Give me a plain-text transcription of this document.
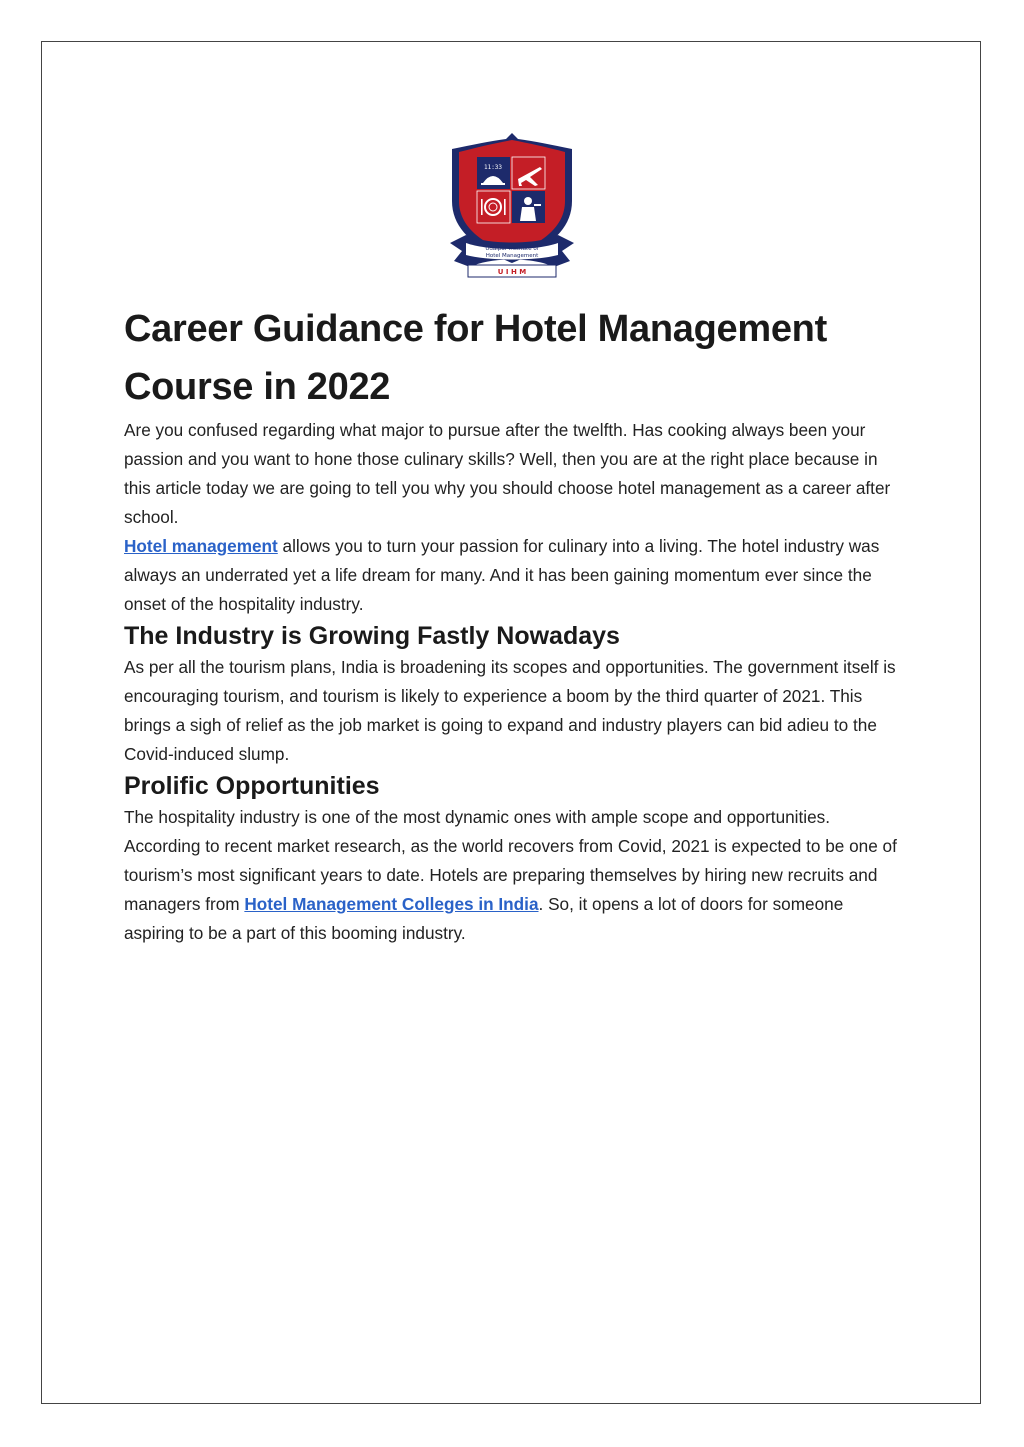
11:33
Udaipur Institute of
Hotel Management
U I H M
Career Guidance for Hotel Management
Course in 2022

Are you confused regarding what major to pursue after the twelfth. Has cooking always been your passion and you want to hone those culinary skills? Well, then you are at the right place because in this article today we are going to tell you why you should choose hotel management as a career after school.

Hotel management allows you to turn your passion for culinary into a living. The hotel industry was always an underrated yet a life dream for many. And it has been gaining momentum ever since the onset of the hospitality industry.

The Industry is Growing Fastly Nowadays

As per all the tourism plans, India is broadening its scopes and opportunities. The government itself is encouraging tourism, and tourism is likely to experience a boom by the third quarter of 2021. This brings a sigh of relief as the job market is going to expand and industry players can bid adieu to the Covid-induced slump.

Prolific Opportunities

The hospitality industry is one of the most dynamic ones with ample scope and opportunities. According to recent market research, as the world recovers from Covid, 2021 is expected to be one of tourism’s most significant years to date. Hotels are preparing themselves by hiring new recruits and managers from Hotel Management Colleges in India. So, it opens a lot of doors for someone aspiring to be a part of this booming industry.
